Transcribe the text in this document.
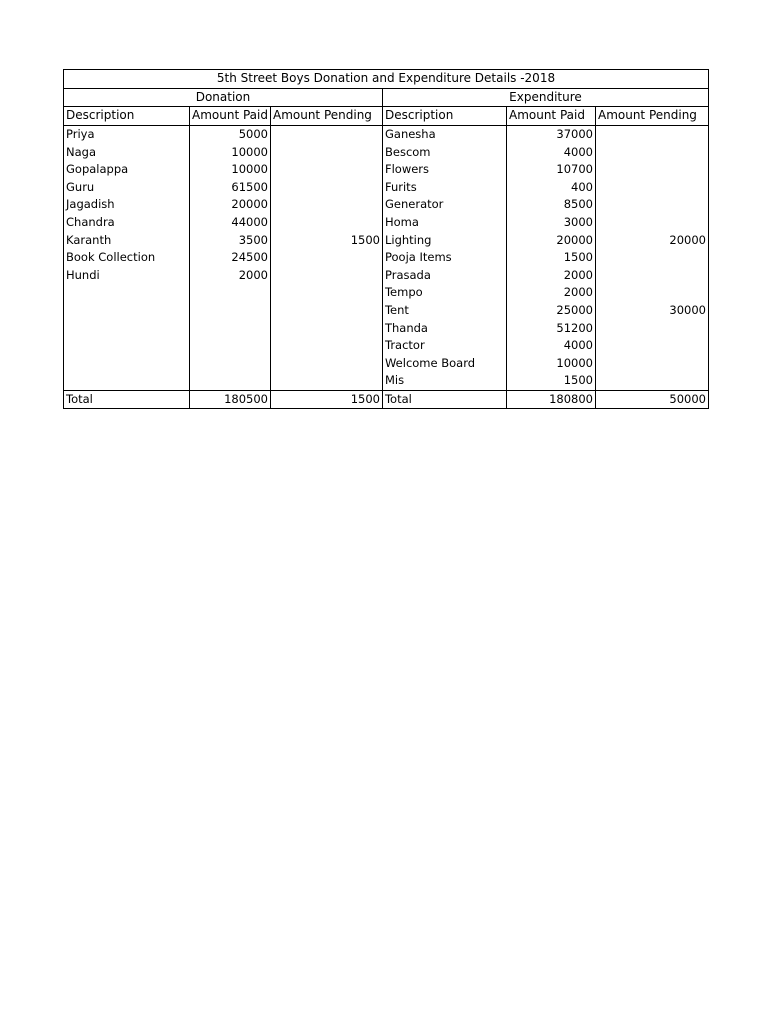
5th Street Boys Donation and Expenditure Details -2018					
Donation			Expenditure		
Description	Amount Paid	Amount Pending	Description	Amount Paid	Amount Pending
Priya	5000		Ganesha	37000	
Naga	10000		Bescom	4000	
Gopalappa	10000		Flowers	10700	
Guru	61500		Furits	400	
Jagadish	20000		Generator	8500	
Chandra	44000		Homa	3000	
Karanth	3500	1500	Lighting	20000	20000
Book Collection	24500		Pooja Items	1500	
Hundi	2000		Prasada	2000	
			Tempo	2000	
			Tent	25000	30000
			Thanda	51200	
			Tractor	4000	
			Welcome Board	10000	
			Mis	1500	
Total	180500	1500	Total	180800	50000
